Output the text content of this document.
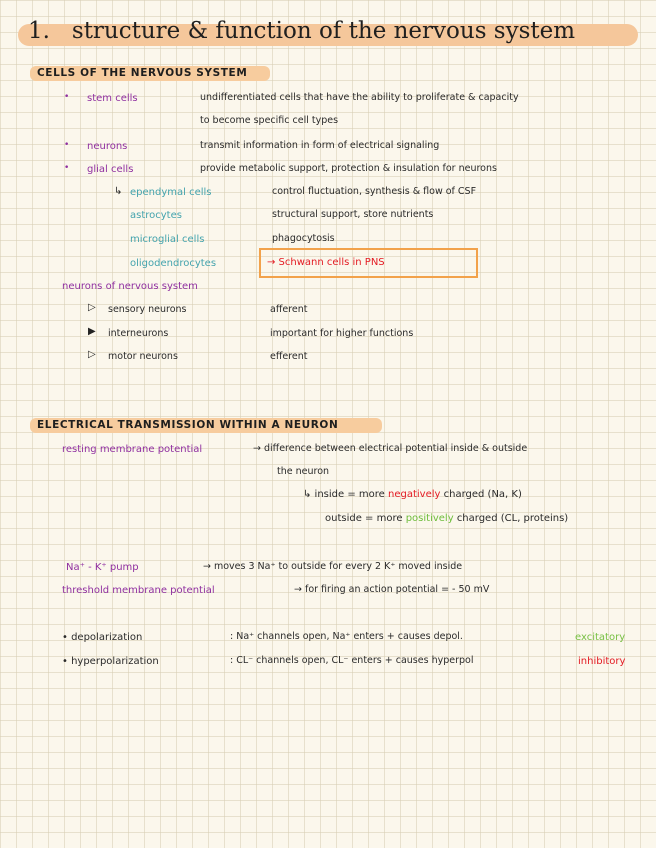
1. structure & function of the nervous system
CELLS OF THE NERVOUS SYSTEM
• stem cells	undifferentiated cells that have the ability to proliferate & capacity
to become specific cell types
• neurons	transmit information in form of electrical signaling
• glial cells	provide metabolic support, protection & insulation for neurons
↳ ependymal cells	control fluctuation, synthesis & flow of CSF
astrocytes	structural support, store nutrients
microglial cells	phagocytosis
oligodendrocytes	→ Schwann cells in PNS
neurons of nervous system
▷ sensory neurons	afferent
▶ interneurons	important for higher functions
▷ motor neurons	efferent
ELECTRICAL TRANSMISSION WITHIN A NEURON
resting membrane potential	→ difference between electrical potential inside & outside
the neuron
↳ inside = more negatively charged (Na, K)
outside = more positively charged (CL, proteins)
Na⁺ - K⁺ pump	→ moves 3 Na⁺ to outside for every 2 K⁺ moved inside
threshold membrane potential	→ for firing an action potential = - 50 mV
• depolarization	: Na⁺ channels open, Na⁺ enters + causes depol.	excitatory
• hyperpolarization	: CL⁻ channels open, CL⁻ enters + causes hyperpol	inhibitory
